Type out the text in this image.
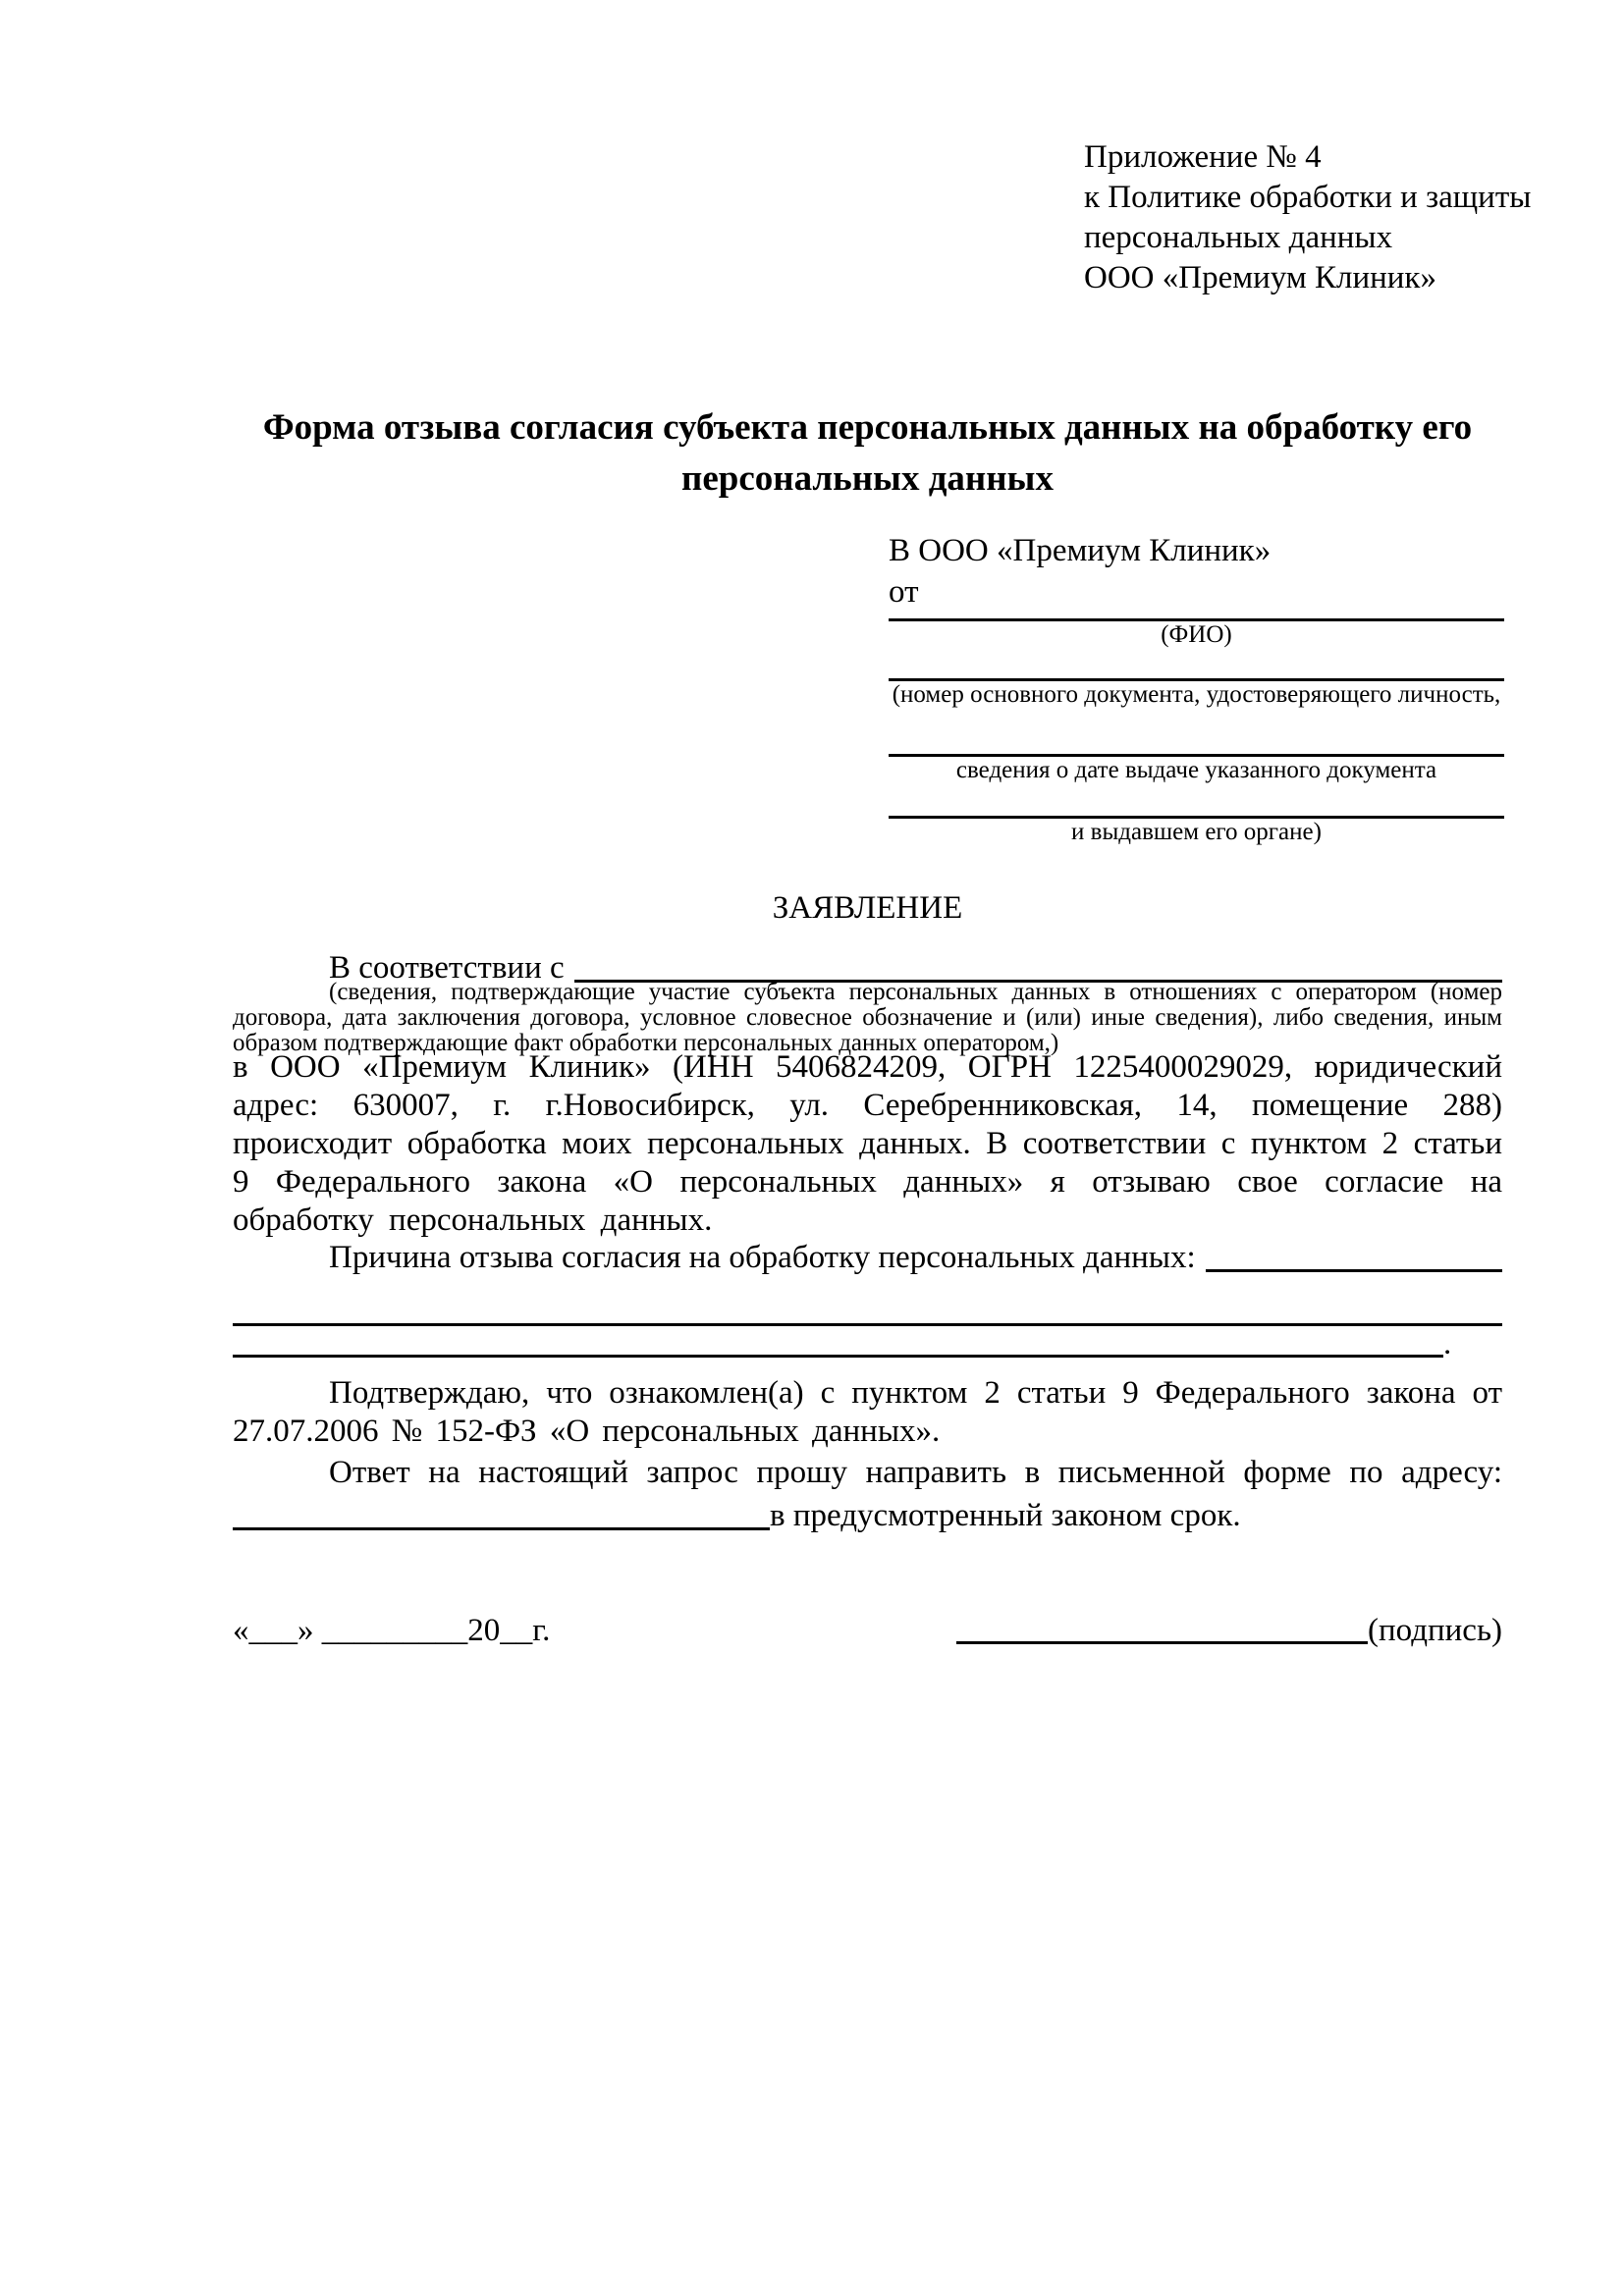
Приложение № 4
к Политике обработки и защиты
персональных данных
ООО «Премиум Клиник»
Форма отзыва согласия субъекта персональных данных на обработку его персональных данных
В ООО «Премиум Клиник»
от
(ФИО)
(номер основного документа, удостоверяющего личность,
сведения о дате выдаче указанного документа
и выдавшем его органе)
ЗАЯВЛЕНИЕ
В соответствии с
(сведения, подтверждающие участие субъекта персональных данных в отношениях с оператором (номер договора, дата заключения договора, условное словесное обозначение и (или) иные сведения), либо сведения, иным образом подтверждающие факт обработки персональных данных оператором,)
в ООО «Премиум Клиник» (ИНН 5406824209, ОГРН 1225400029029, юридический адрес: 630007, г. г.Новосибирск, ул. Серебренниковская, 14, помещение 288) происходит обработка моих персональных данных. В соответствии с пунктом 2 статьи 9 Федерального закона «О персональных данных» я отзываю свое согласие на обработку персональных данных.
Причина отзыва согласия на обработку персональных данных:
.
Подтверждаю, что ознакомлен(а) с пунктом 2 статьи 9 Федерального закона от 27.07.2006 № 152-ФЗ «О персональных данных».
Ответ на настоящий запрос прошу направить в письменной форме по адресу:
в предусмотренный законом срок.
«___» _________20__г.	(подпись)
